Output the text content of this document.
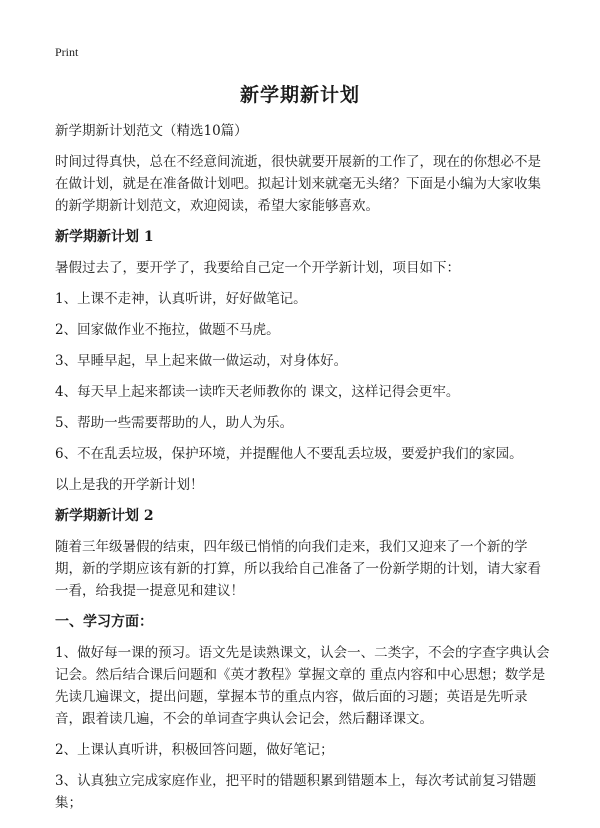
Print
新学期新计划
新学期新计划范文（精选10篇）
时间过得真快，总在不经意间流逝，很快就要开展新的工作了，现在的你想必不是在做计划，就是在准备做计划吧。拟起计划来就毫无头绪？下面是小编为大家收集的新学期新计划范文，欢迎阅读，希望大家能够喜欢。
新学期新计划 1
暑假过去了，要开学了，我要给自己定一个开学新计划，项目如下：
1、上课不走神，认真听讲，好好做笔记。
2、回家做作业不拖拉，做题不马虎。
3、早睡早起，早上起来做一做运动，对身体好。
4、每天早上起来都读一读昨天老师教你的 课文，这样记得会更牢。
5、帮助一些需要帮助的人，助人为乐。
6、不在乱丢垃圾，保护环境，并提醒他人不要乱丢垃圾，要爱护我们的家园。
以上是我的开学新计划！
新学期新计划 2
随着三年级暑假的结束，四年级已悄悄的向我们走来，我们又迎来了一个新的学期，新的学期应该有新的打算，所以我给自己准备了一份新学期的计划，请大家看一看，给我提一提意见和建议！
一、学习方面：
1、做好每一课的预习。语文先是读熟课文，认会一、二类字，不会的字查字典认会记会。然后结合课后问题和《英才教程》掌握文章的 重点内容和中心思想；数学是先读几遍课文，提出问题，掌握本节的重点内容，做后面的习题；英语是先听录音，跟着读几遍，不会的单词查字典认会记会，然后翻译课文。
2、上课认真听讲，积极回答问题，做好笔记；
3、认真独立完成家庭作业，把平时的错题积累到错题本上，每次考试前复习错题集；
